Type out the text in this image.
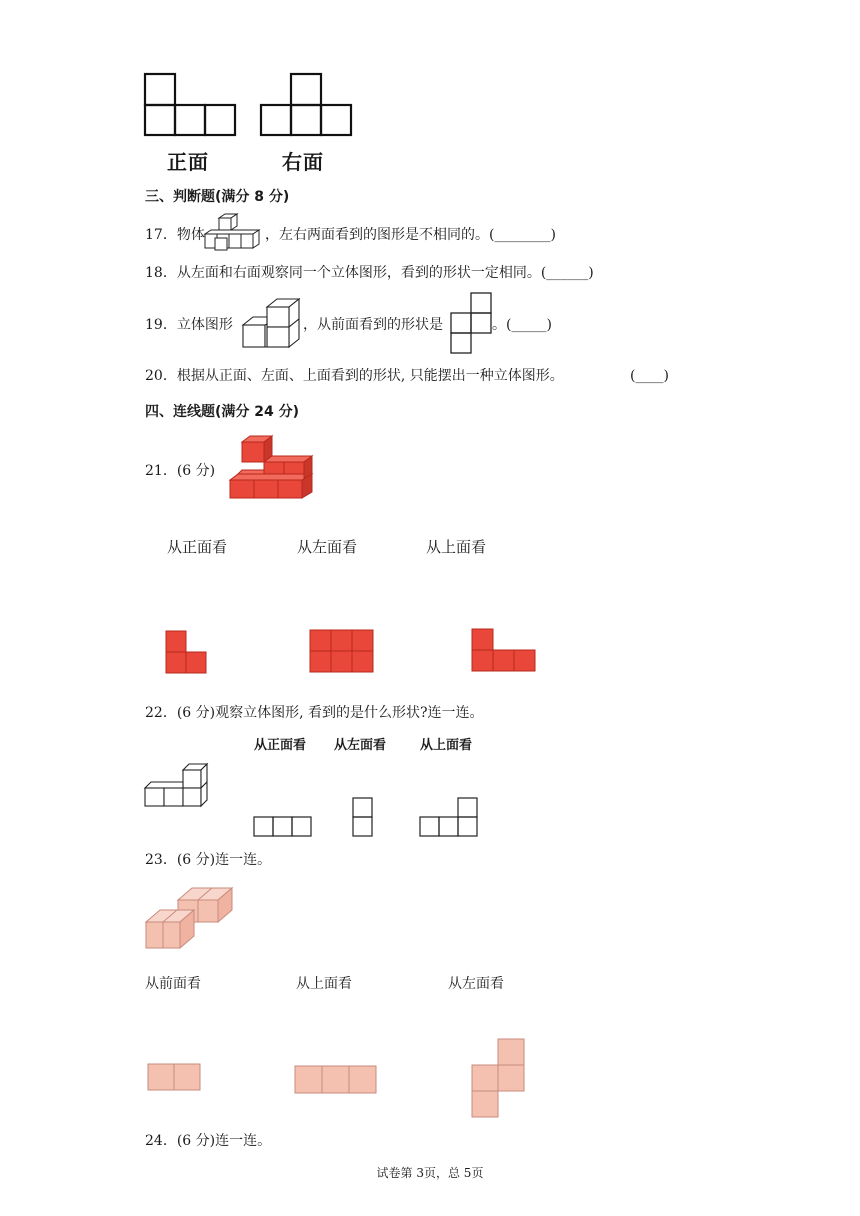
正面	右面
三、判断题(满分 8 分)
17．物体	，左右两面看到的图形是不相同的。(________)
18．从左面和右面观察同一个立体图形，看到的形状一定相同。(______)
19．立体图形	，从前面看到的形状是	。(_____)
20．根据从正面、左面、上面看到的形状, 只能摆出一种立体图形。	(____)
四、连线题(满分 24 分)
21．(6 分)
从正面看	从左面看	从上面看
22．(6 分)观察立体图形, 看到的是什么形状?连一连。
从正面看 从左面看	从上面看
23．(6 分)连一连。
从前面看	从上面看	从左面看
24．(6 分)连一连。
试卷第 3页，总 5页
